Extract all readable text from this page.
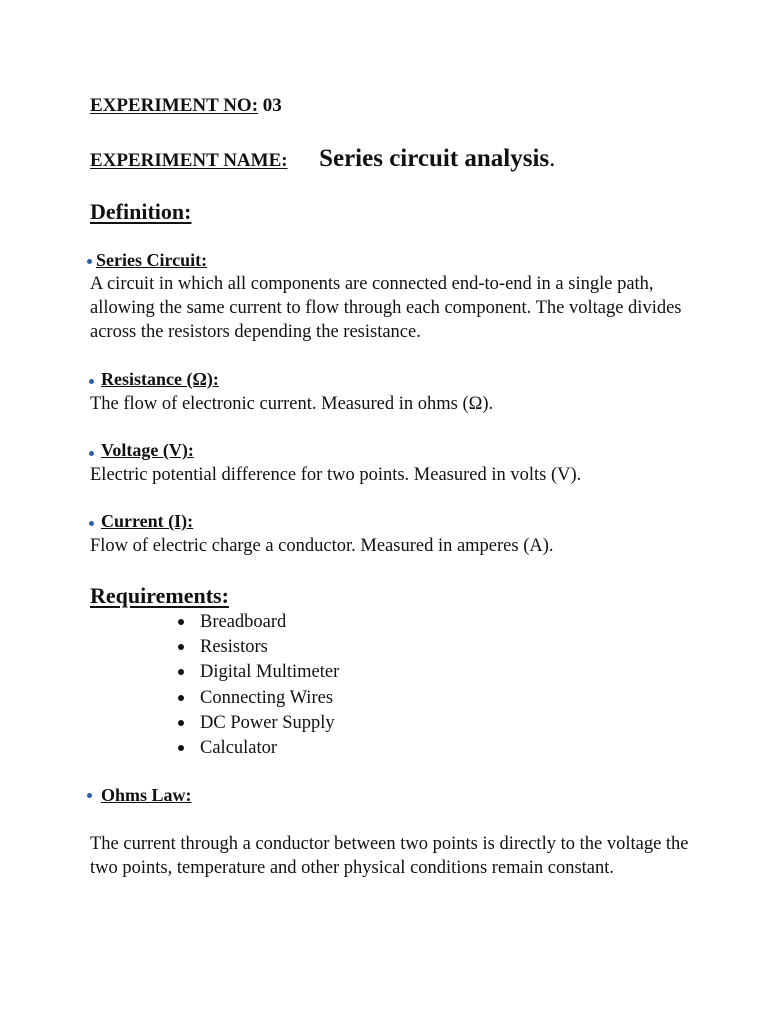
EXPERIMENT NO: 03
EXPERIMENT NAME: Series circuit analysis.
Definition:
Series Circuit:
A circuit in which all components are connected end-to-end in a single path, allowing the same current to flow through each component. The voltage divides across the resistors depending the resistance.
Resistance (Ω):
The flow of electronic current. Measured in ohms (Ω).
Voltage (V):
Electric potential difference for two points. Measured in volts (V).
Current (I):
Flow of electric charge a conductor. Measured in amperes (A).
Requirements:
Breadboard
Resistors
Digital Multimeter
Connecting Wires
DC Power Supply
Calculator
Ohms Law:
The current through a conductor between two points is directly to the voltage the two points, temperature and other physical conditions remain constant.
